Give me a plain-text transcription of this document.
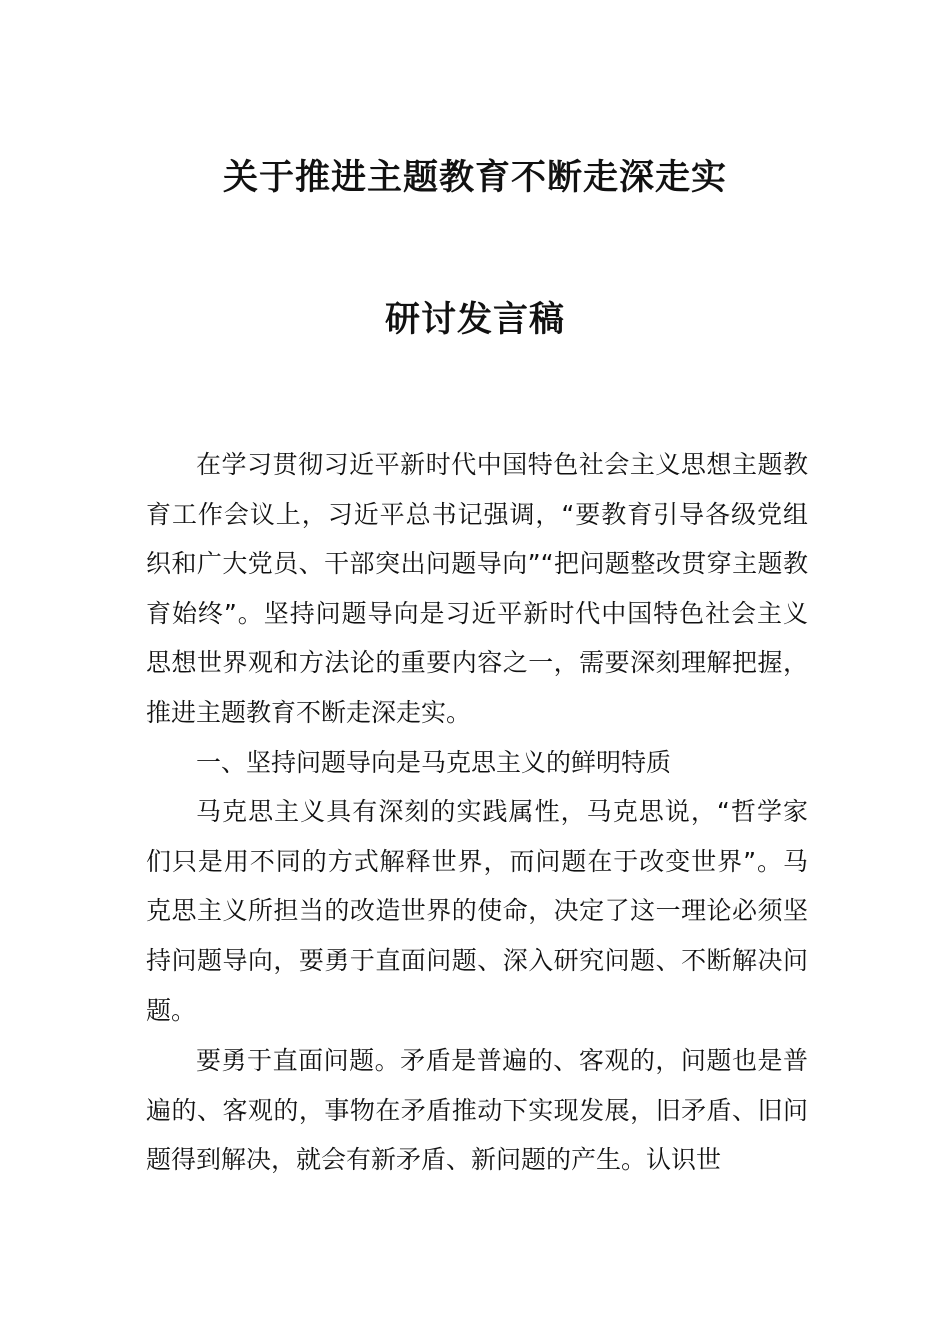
关于推进主题教育不断走深走实
研讨发言稿

在学习贯彻习近平新时代中国特色社会主义思想主题教育工作会议上，习近平总书记强调，“要教育引导各级党组织和广大党员、干部突出问题导向”“把问题整改贯穿主题教育始终”。坚持问题导向是习近平新时代中国特色社会主义思想世界观和方法论的重要内容之一，需要深刻理解把握，推进主题教育不断走深走实。

一、坚持问题导向是马克思主义的鲜明特质

马克思主义具有深刻的实践属性，马克思说，“哲学家们只是用不同的方式解释世界，而问题在于改变世界”。马克思主义所担当的改造世界的使命，决定了这一理论必须坚持问题导向，要勇于直面问题、深入研究问题、不断解决问题。

要勇于直面问题。矛盾是普遍的、客观的，问题也是普遍的、客观的，事物在矛盾推动下实现发展，旧矛盾、旧问题得到解决，就会有新矛盾、新问题的产生。认识世
